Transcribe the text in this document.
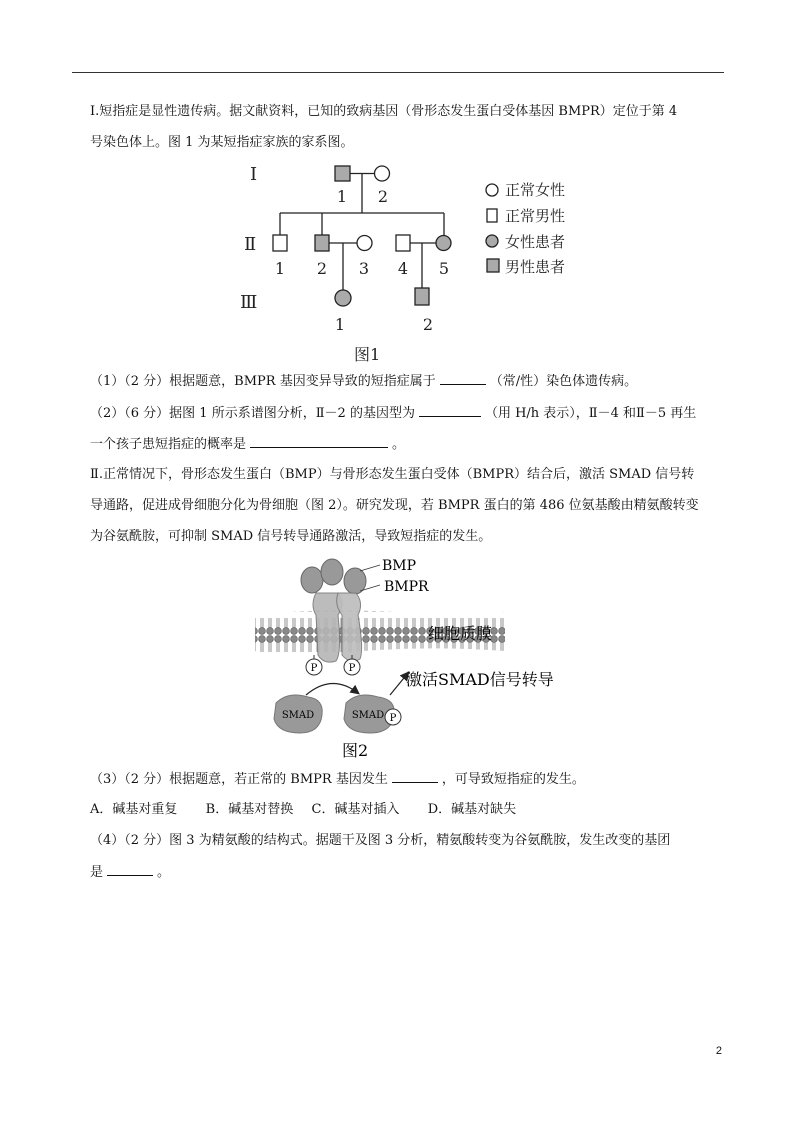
Ⅰ.短指症是显性遗传病。据文献资料，已知的致病基因（骨形态发生蛋白受体基因 BMPR）定位于第 4
号染色体上。图 1 为某短指症家族的家系图。
Ⅰ
Ⅱ
Ⅲ
1 2
1 2 3 4 5
1	2
正常女性
正常男性
女性患者
男性患者
图1
（1）（2 分）根据题意，BMPR 基因变异导致的短指症属于	（常/性）染色体遗传病。
（2）（6 分）据图 1 所示系谱图分析，Ⅱ－2 的基因型为	（用 H/h 表示），Ⅱ－4 和Ⅱ－5 再生
一个孩子患短指症的概率是	。
Ⅱ.正常情况下，骨形态发生蛋白（BMP）与骨形态发生蛋白受体（BMPR）结合后，激活 SMAD 信号转
导通路，促进成骨细胞分化为骨细胞（图 2）。研究发现，若 BMPR 蛋白的第 486 位氨基酸由精氨酸转变
为谷氨酰胺，可抑制 SMAD 信号转导通路激活，导致短指症的发生。
P	P
SMAD	SMAD P
BMP
BMPR
细胞质膜
激活SMAD信号转导
图2
（3）（2 分）根据题意，若正常的 BMPR 基因发生	，可导致短指症的发生。
A．碱基对重复 B．碱基对替换 C．碱基对插入 D．碱基对缺失
（4）（2 分）图 3 为精氨酸的结构式。据题干及图 3 分析，精氨酸转变为谷氨酰胺，发生改变的基团
是	。
2
